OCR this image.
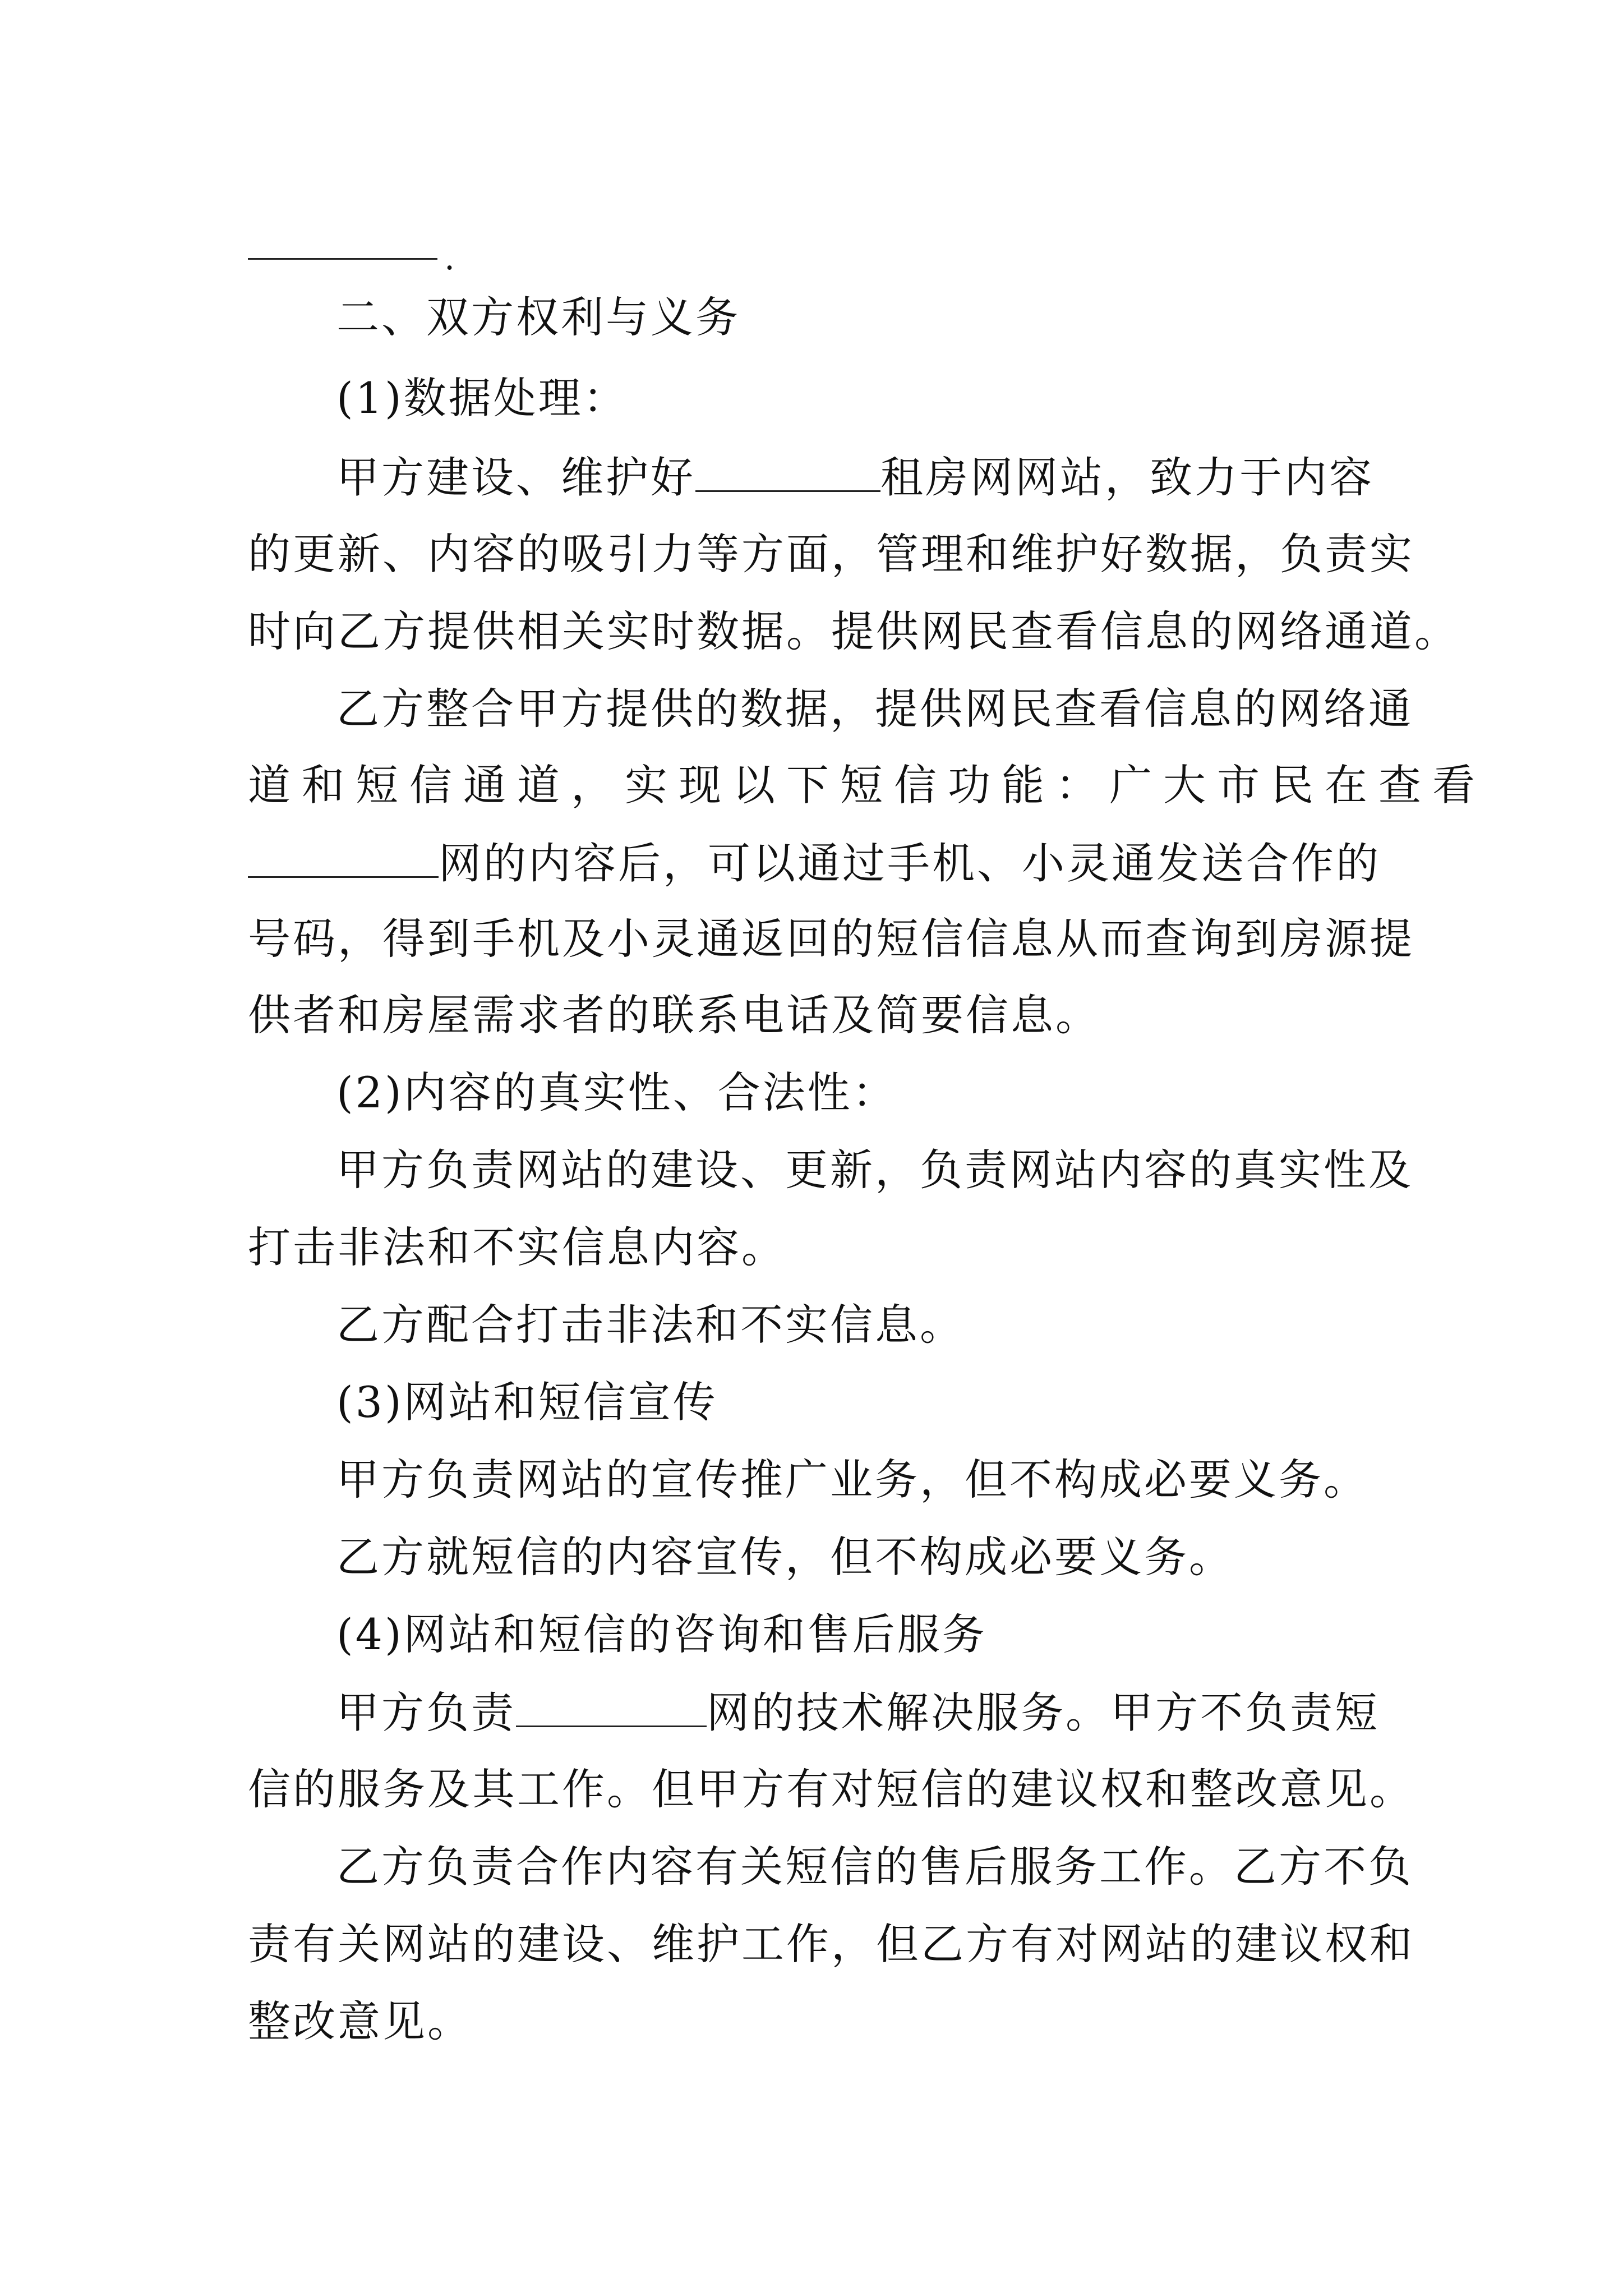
.
二、双方权利与义务
(1)数据处理：
甲方建设、维护好	租房网网站，致力于内容
的更新、内容的吸引力等方面，管理和维护好数据，负责实
时向乙方提供相关实时数据。提供网民查看信息的网络通道。
乙方整合甲方提供的数据，提供网民查看信息的网络通
道和短信通道，实现以下短信功能：广大市民在查看
网的内容后，可以通过手机、小灵通发送合作的
号码，得到手机及小灵通返回的短信信息从而查询到房源提
供者和房屋需求者的联系电话及简要信息。
(2)内容的真实性、合法性：
甲方负责网站的建设、更新，负责网站内容的真实性及
打击非法和不实信息内容。
乙方配合打击非法和不实信息。
(3)网站和短信宣传
甲方负责网站的宣传推广业务，但不构成必要义务。
乙方就短信的内容宣传，但不构成必要义务。
(4)网站和短信的咨询和售后服务
甲方负责	网的技术解决服务。甲方不负责短
信的服务及其工作。但甲方有对短信的建议权和整改意见。
乙方负责合作内容有关短信的售后服务工作。乙方不负
责有关网站的建设、维护工作，但乙方有对网站的建议权和
整改意见。
